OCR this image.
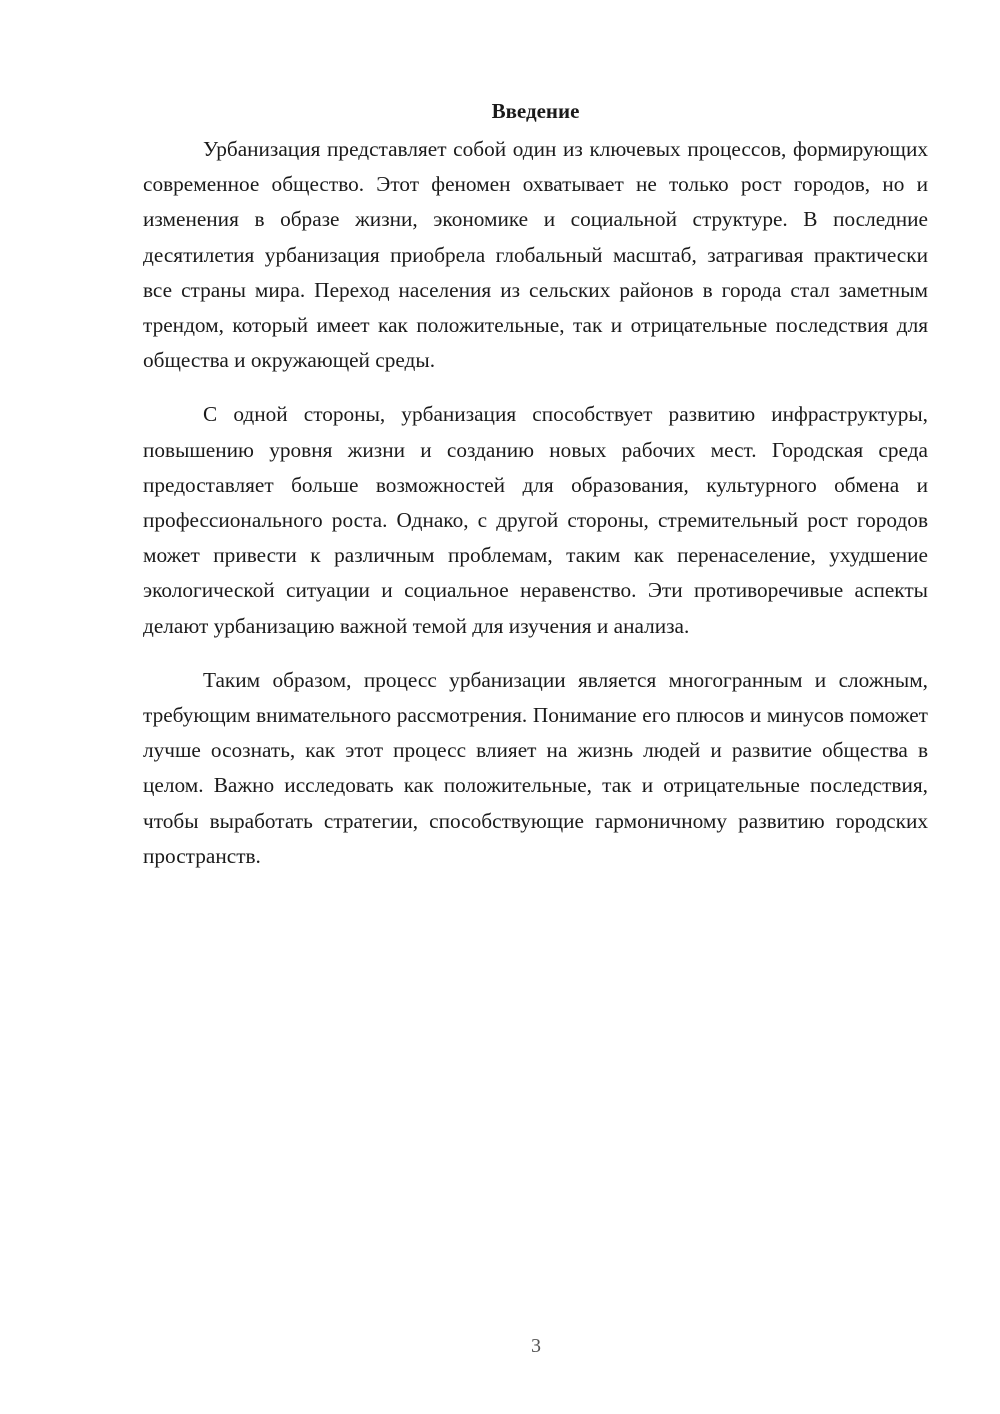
Введение

Урбанизация представляет собой один из ключевых процессов, формирующих современное общество. Этот феномен охватывает не только рост городов, но и изменения в образе жизни, экономике и социальной структуре. В последние десятилетия урбанизация приобрела глобальный масштаб, затрагивая практически все страны мира. Переход населения из сельских районов в города стал заметным трендом, который имеет как положительные, так и отрицательные последствия для общества и окружающей среды.

С одной стороны, урбанизация способствует развитию инфраструктуры, повышению уровня жизни и созданию новых рабочих мест. Городская среда предоставляет больше возможностей для образования, культурного обмена и профессионального роста. Однако, с другой стороны, стремительный рост городов может привести к различным проблемам, таким как перенаселение, ухудшение экологической ситуации и социальное неравенство. Эти противоречивые аспекты делают урбанизацию важной темой для изучения и анализа.

Таким образом, процесс урбанизации является многогранным и сложным, требующим внимательного рассмотрения. Понимание его плюсов и минусов поможет лучше осознать, как этот процесс влияет на жизнь людей и развитие общества в целом. Важно исследовать как положительные, так и отрицательные последствия, чтобы выработать стратегии, способствующие гармоничному развитию городских пространств.

3
